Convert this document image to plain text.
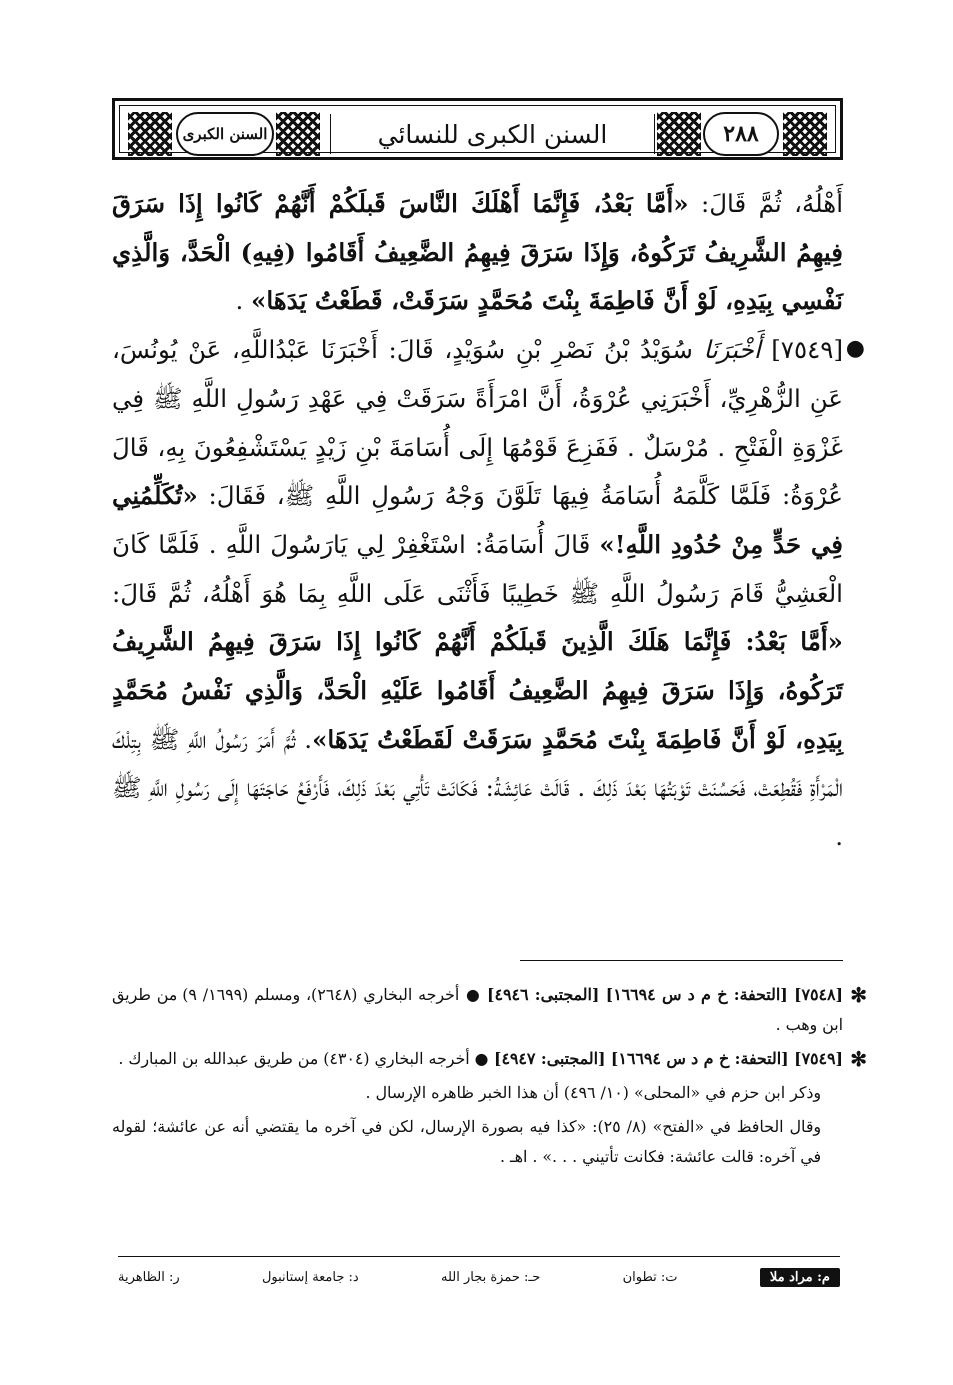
السنن الكبرى	السنن الكبرى للنسائي	٢٨٨

أَهْلُهُ، ثُمَّ قَالَ: «أَمَّا بَعْدُ، فَإِنَّمَا أَهْلَكَ النَّاسَ قَبلَكُمْ أَنَّهُمْ كَانُوا إِذَا سَرَقَ فِيهِمُ الشَّرِيفُ تَرَكُوهُ، وَإِذَا سَرَقَ فِيهِمُ الضَّعِيفُ أَقَامُوا (فِيهِ) الْحَدَّ، وَالَّذِي نَفْسِي بِيَدِهِ، لَوْ أَنَّ فَاطِمَةَ بِنْتَ مُحَمَّدٍ سَرَقَتْ، قَطَعْتُ يَدَهَا» .

●
[٧٥٤٩] أَخْبَرَنَا سُوَيْدُ بْنُ نَصْرِ بْنِ سُوَيْدٍ، قَالَ: أَخْبَرَنَا عَبْدُاللَّهِ، عَنْ يُونُسَ، عَنِ الزُّهْرِيِّ، أَخْبَرَنِي عُرْوَةُ، أَنَّ امْرَأَةً سَرَقَتْ فِي عَهْدِ رَسُولِ اللَّهِ ﷺ فِي غَزْوَةِ الْفَتْحِ . مُرْسَلٌ . فَفَزِعَ قَوْمُهَا إِلَى أُسَامَةَ بْنِ زَيْدٍ يَسْتَشْفِعُونَ بِهِ، قَالَ عُرْوَةُ: فَلَمَّا كَلَّمَهُ أُسَامَةُ فِيهَا تَلَوَّنَ وَجْهُ رَسُولِ اللَّهِ ﷺ، فَقَالَ: «تُكَلِّمُنِي فِي حَدٍّ مِنْ حُدُودِ اللَّهِ!» قَالَ أُسَامَةُ: اسْتَغْفِرْ لِي يَارَسُولَ اللَّهِ . فَلَمَّا كَانَ الْعَشِيُّ قَامَ رَسُولُ اللَّهِ ﷺ خَطِيبًا فَأَثْنَى عَلَى اللَّهِ بِمَا هُوَ أَهْلُهُ، ثُمَّ قَالَ: «أَمَّا بَعْدُ: فَإِنَّمَا هَلَكَ الَّذِينَ قَبلَكُمْ أَنَّهُمْ كَانُوا إِذَا سَرَقَ فِيهِمُ الشَّرِيفُ تَرَكُوهُ، وَإِذَا سَرَقَ فِيهِمُ الضَّعِيفُ أَقَامُوا عَلَيْهِ الْحَدَّ، وَالَّذِي نَفْسُ مُحَمَّدٍ بِيَدِهِ، لَوْ أَنَّ فَاطِمَةَ بِنْتَ مُحَمَّدٍ سَرَقَتْ لَقَطَعْتُ يَدَهَا». ثُمَّ أَمَرَ رَسُولُ اللَّهِ ﷺ بِتِلْكَ الْمَرْأَةِ فَقُطِعَتْ، فَحَسُنَتْ تَوْبَتُهَا بَعْدَ ذَلِكَ . قَالَتْ عَائِشَةُ: فَكَانَتْ تَأْتِي بَعْدَ ذَلِكَ، فَأَرْفَعُ حَاجَتَهَا إِلَى رَسُولِ اللَّهِ ﷺ .

✻
[٧٥٤٨] [التحفة: خ م د س ١٦٦٩٤] [المجتبى: ٤٩٤٦] ● أخرجه البخاري (٢٦٤٨)، ومسلم (١٦٩٩/ ٩) من طريق ابن وهب .

✻
[٧٥٤٩] [التحفة: خ م د س ١٦٦٩٤] [المجتبى: ٤٩٤٧] ● أخرجه البخاري (٤٣٠٤) من طريق عبدالله بن المبارك .

وذكر ابن حزم في «المحلى» (١٠/ ٤٩٦) أن هذا الخبر ظاهره الإرسال .

وقال الحافظ في «الفتح» (٨/ ٢٥): «كذا فيه بصورة الإرسال، لكن في آخره ما يقتضي أنه عن عائشة؛ لقوله في آخره: قالت عائشة: فكانت تأتيني . . .» . اهـ .

م: مراد ملا
ت: تطوان
حـ: حمزة بجار الله
د: جامعة إستانبول
ر: الظاهرية
